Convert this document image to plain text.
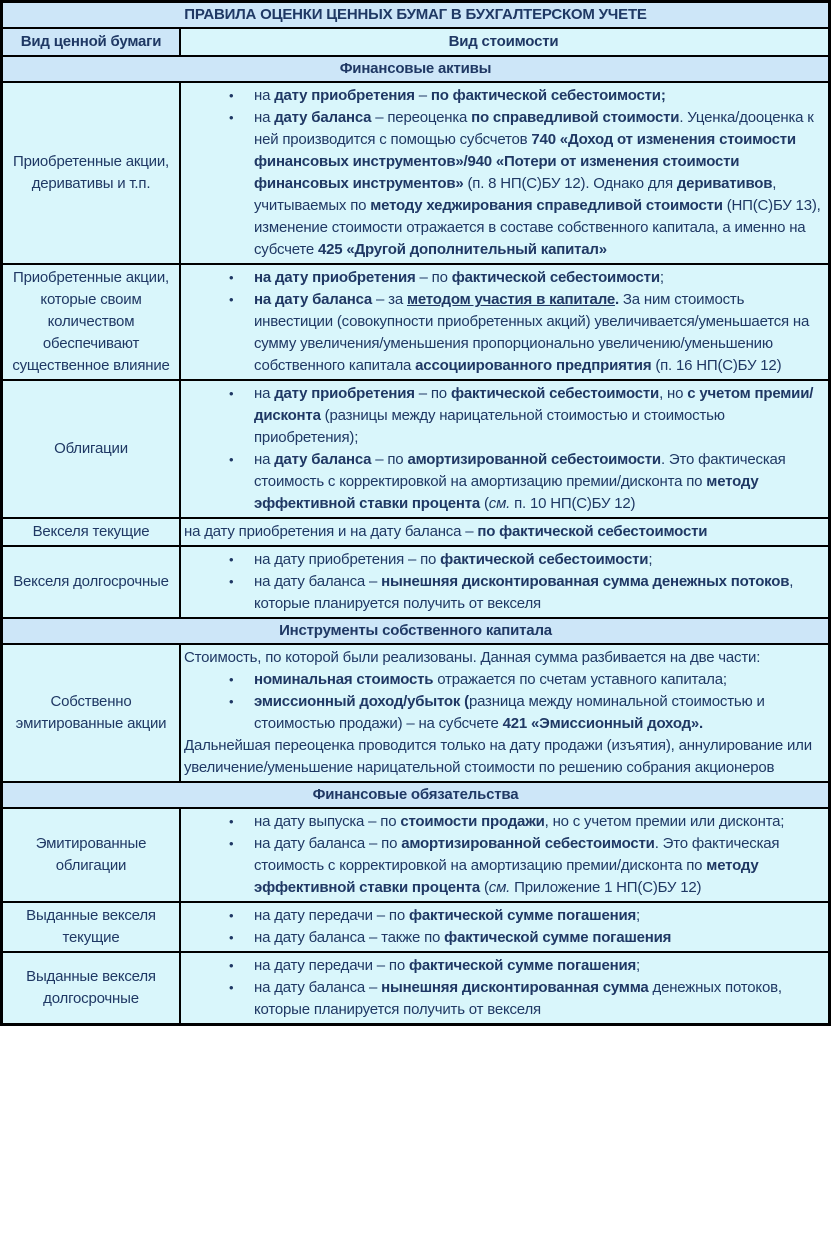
ПРАВИЛА ОЦЕНКИ ЦЕННЫХ БУМАГ В БУХГАЛТЕРСКОМ УЧЕТЕ
Вид ценной бумаги	Вид стоимости
Финансовые активы
Приобретенные акции, деривативы и т.п.
• на дату приобретения – по фактической себестоимости;
• на дату баланса – переоценка по справедливой стоимости. Уценка/дооценка к ней производится с помощью субсчетов 740 «Доход от изменения стоимости финансовых инструментов»/940 «Потери от изменения стоимости финансовых инструментов» (п. 8 НП(С)БУ 12). Однако для деривативов, учитываемых по методу хеджирования справедливой стоимости (НП(С)БУ 13), изменение стоимости отражается в составе собственного капитала, а именно на субсчете 425 «Другой дополнительный капитал»
Приобретенные акции, которые своим количеством обеспечивают существенное влияние
• на дату приобретения – по фактической себестоимости;
• на дату баланса – за методом участия в капитале. За ним стоимость инвестиции (совокупности приобретенных акций) увеличивается/уменьшается на сумму увеличения/уменьшения пропорционально увеличению/уменьшению собственного капитала ассоциированного предприятия (п. 16 НП(С)БУ 12)
Облигации
• на дату приобретения – по фактической себестоимости, но с учетом премии/дисконта (разницы между нарицательной стоимостью и стоимостью приобретения);
• на дату баланса – по амортизированной себестоимости. Это фактическая стоимость с корректировкой на амортизацию премии/дисконта по методу эффективной ставки процента (см. п. 10 НП(С)БУ 12)
Векселя текущие на дату приобретения и на дату баланса – по фактической себестоимости
Векселя долгосрочные
• на дату приобретения – по фактической себестоимости;
• на дату баланса – нынешняя дисконтированная сумма денежных потоков, которые планируется получить от векселя
Инструменты собственного капитала
Собственно эмитированные акции
Стоимость, по которой были реализованы. Данная сумма разбивается на две части:
• номинальная стоимость отражается по счетам уставного капитала;
• эмиссионный доход/убыток (разница между номинальной стоимостью и стоимостью продажи) – на субсчете 421 «Эмиссионный доход».
Дальнейшая переоценка проводится только на дату продажи (изъятия), аннулирование или увеличение/уменьшение нарицательной стоимости по решению собрания акционеров
Финансовые обязательства
Эмитированные облигации
• на дату выпуска – по стоимости продажи, но с учетом премии или дисконта;
• на дату баланса – по амортизированной себестоимости. Это фактическая стоимость с корректировкой на амортизацию премии/дисконта по методу эффективной ставки процента (см. Приложение 1 НП(С)БУ 12)
Выданные векселя текущие
• на дату передачи – по фактической сумме погашения;
• на дату баланса – также по фактической сумме погашения
Выданные векселя долгосрочные
• на дату передачи – по фактической сумме погашения;
• на дату баланса – нынешняя дисконтированная сумма денежных потоков, которые планируется получить от векселя
